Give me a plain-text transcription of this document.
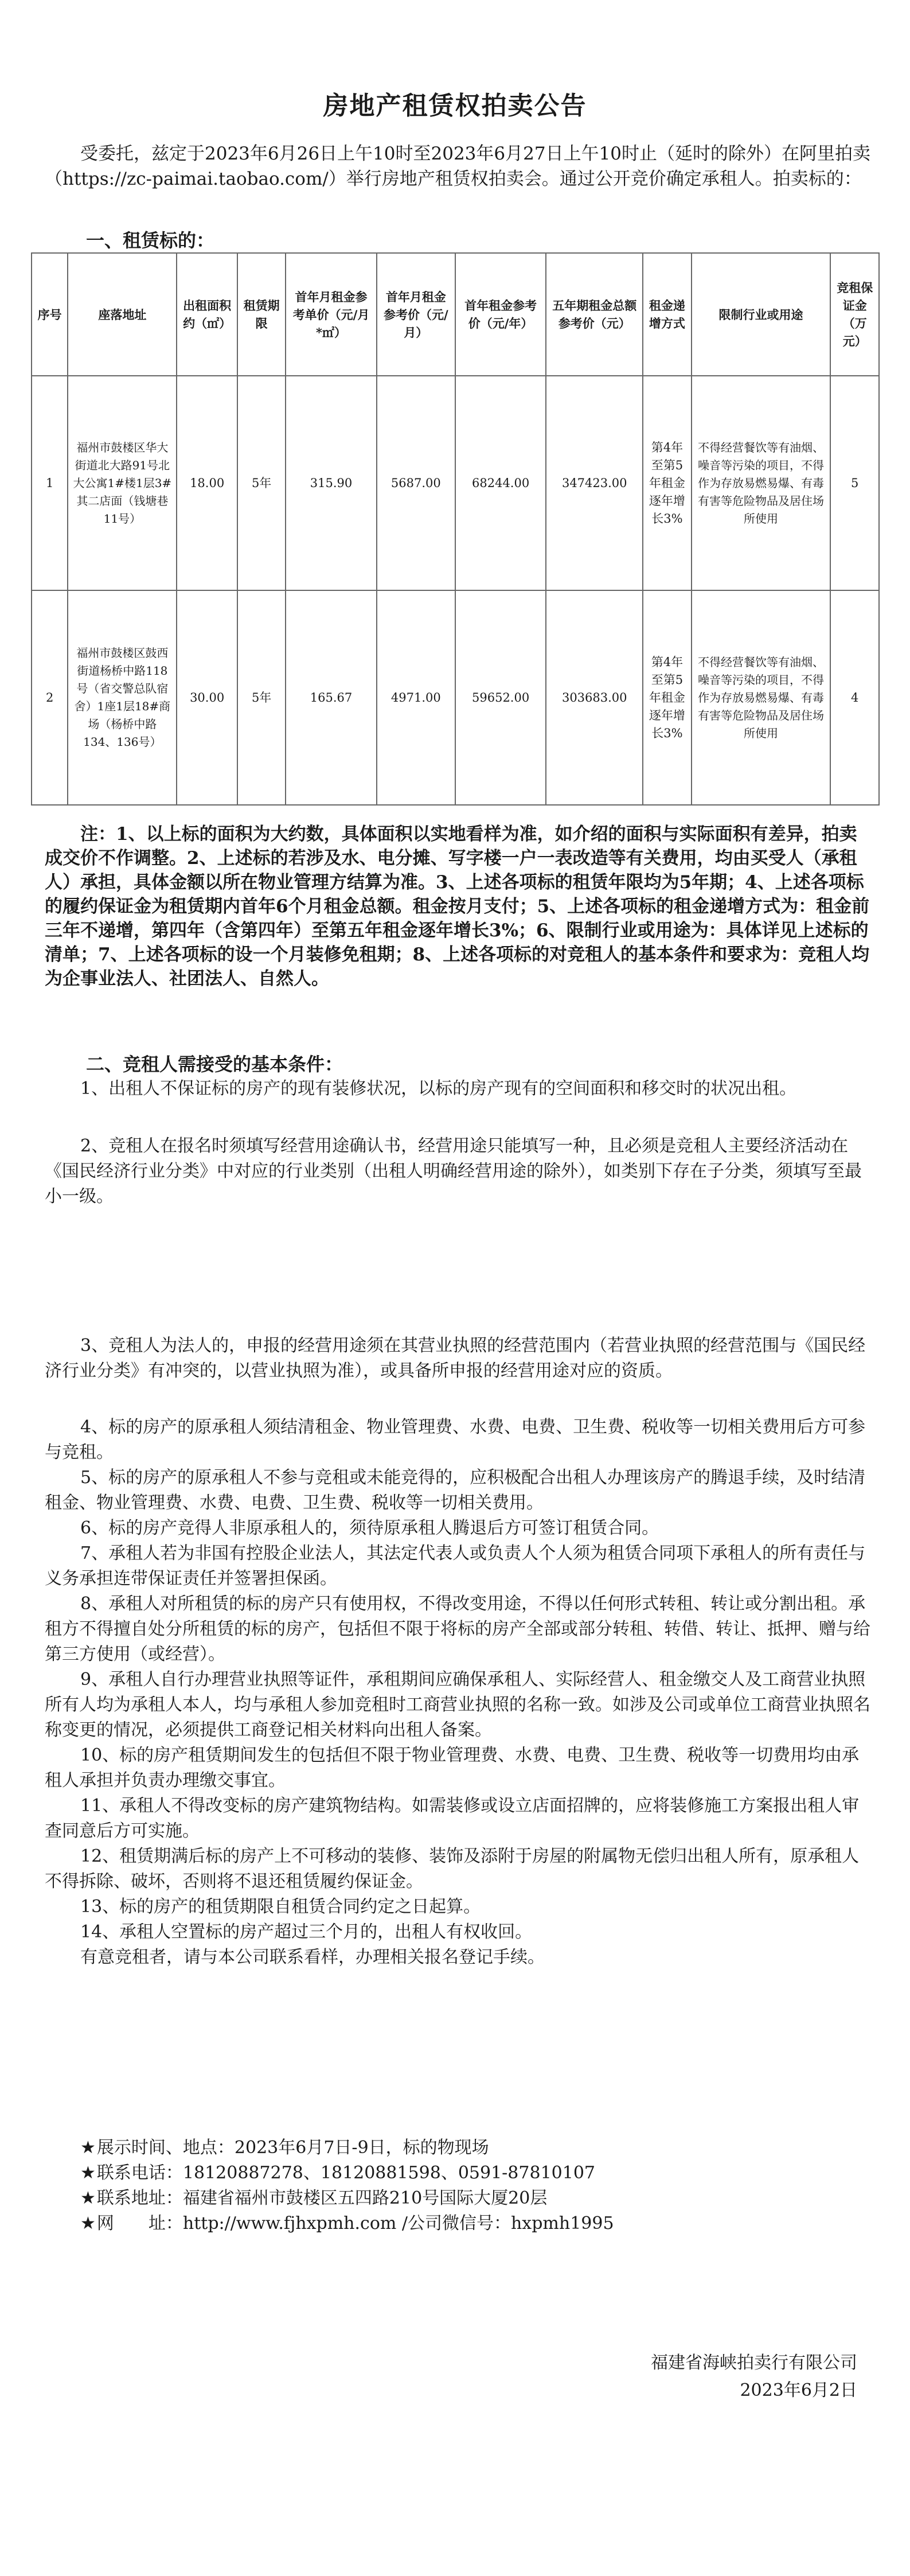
房地产租赁权拍卖公告

受委托，兹定于2023年6月26日上午10时至2023年6月27日上午10时止（延时的除外）在阿里拍卖（https://zc-paimai.taobao.com/）举行房地产租赁权拍卖会。通过公开竞价确定承租人。拍卖标的：

一、租赁标的：
序号	座落地址	出租面积约（㎡）	租赁期限	首年月租金参考单价（元/月*㎡）	首年月租金参考价（元/月）	首年租金参考价（元/年）	五年期租金总额参考价（元）	租金递增方式	限制行业或用途	竞租保证金（万元）
1	福州市鼓楼区华大街道北大路91号北大公寓1#楼1层3#其二店面（钱塘巷11号）	18.00	5年	315.90	5687.00	68244.00	347423.00	第4年至第5年租金逐年增长3%	不得经营餐饮等有油烟、噪音等污染的项目，不得作为存放易燃易爆、有毒有害等危险物品及居住场所使用	5
2	福州市鼓楼区鼓西街道杨桥中路118号（省交警总队宿舍）1座1层18#商场（杨桥中路134、136号）	30.00	5年	165.67	4971.00	59652.00	303683.00	第4年至第5年租金逐年增长3%	不得经营餐饮等有油烟、噪音等污染的项目，不得作为存放易燃易爆、有毒有害等危险物品及居住场所使用	4

注：1、以上标的面积为大约数，具体面积以实地看样为准，如介绍的面积与实际面积有差异，拍卖成交价不作调整。2、上述标的若涉及水、电分摊、写字楼一户一表改造等有关费用，均由买受人（承租人）承担，具体金额以所在物业管理方结算为准。3、上述各项标的租赁年限均为5年期；4、上述各项标的履约保证金为租赁期内首年6个月租金总额。租金按月支付；5、上述各项标的租金递增方式为：租金前三年不递增，第四年（含第四年）至第五年租金逐年增长3%；6、限制行业或用途为：具体详见上述标的清单；7、上述各项标的设一个月装修免租期；8、上述各项标的对竞租人的基本条件和要求为：竞租人均为企事业法人、社团法人、自然人。

二、竞租人需接受的基本条件：

1、出租人不保证标的房产的现有装修状况，以标的房产现有的空间面积和移交时的状况出租。

2、竞租人在报名时须填写经营用途确认书，经营用途只能填写一种，且必须是竞租人主要经济活动在《国民经济行业分类》中对应的行业类别（出租人明确经营用途的除外），如类别下存在子分类，须填写至最小一级。

3、竞租人为法人的，申报的经营用途须在其营业执照的经营范围内（若营业执照的经营范围与《国民经济行业分类》有冲突的，以营业执照为准），或具备所申报的经营用途对应的资质。

4、标的房产的原承租人须结清租金、物业管理费、水费、电费、卫生费、税收等一切相关费用后方可参与竞租。

5、标的房产的原承租人不参与竞租或未能竞得的，应积极配合出租人办理该房产的腾退手续，及时结清租金、物业管理费、水费、电费、卫生费、税收等一切相关费用。

6、标的房产竞得人非原承租人的，须待原承租人腾退后方可签订租赁合同。

7、承租人若为非国有控股企业法人，其法定代表人或负责人个人须为租赁合同项下承租人的所有责任与义务承担连带保证责任并签署担保函。

8、承租人对所租赁的标的房产只有使用权，不得改变用途，不得以任何形式转租、转让或分割出租。承租方不得擅自处分所租赁的标的房产，包括但不限于将标的房产全部或部分转租、转借、转让、抵押、赠与给第三方使用（或经营）。

9、承租人自行办理营业执照等证件，承租期间应确保承租人、实际经营人、租金缴交人及工商营业执照所有人均为承租人本人，均与承租人参加竞租时工商营业执照的名称一致。如涉及公司或单位工商营业执照名称变更的情况，必须提供工商登记相关材料向出租人备案。

10、标的房产租赁期间发生的包括但不限于物业管理费、水费、电费、卫生费、税收等一切费用均由承租人承担并负责办理缴交事宜。

11、承租人不得改变标的房产建筑物结构。如需装修或设立店面招牌的，应将装修施工方案报出租人审查同意后方可实施。

12、租赁期满后标的房产上不可移动的装修、装饰及添附于房屋的附属物无偿归出租人所有，原承租人不得拆除、破坏，否则将不退还租赁履约保证金。

13、标的房产的租赁期限自租赁合同约定之日起算。

14、承租人空置标的房产超过三个月的，出租人有权收回。

有意竞租者，请与本公司联系看样，办理相关报名登记手续。

★展示时间、地点：2023年6月7日-9日，标的物现场

★联系电话：18120887278、18120881598、0591-87810107

★联系地址：福建省福州市鼓楼区五四路210号国际大厦20层

★网　　址：http://www.fjhxpmh.com /公司微信号：hxpmh1995

福建省海峡拍卖行有限公司
2023年6月2日
